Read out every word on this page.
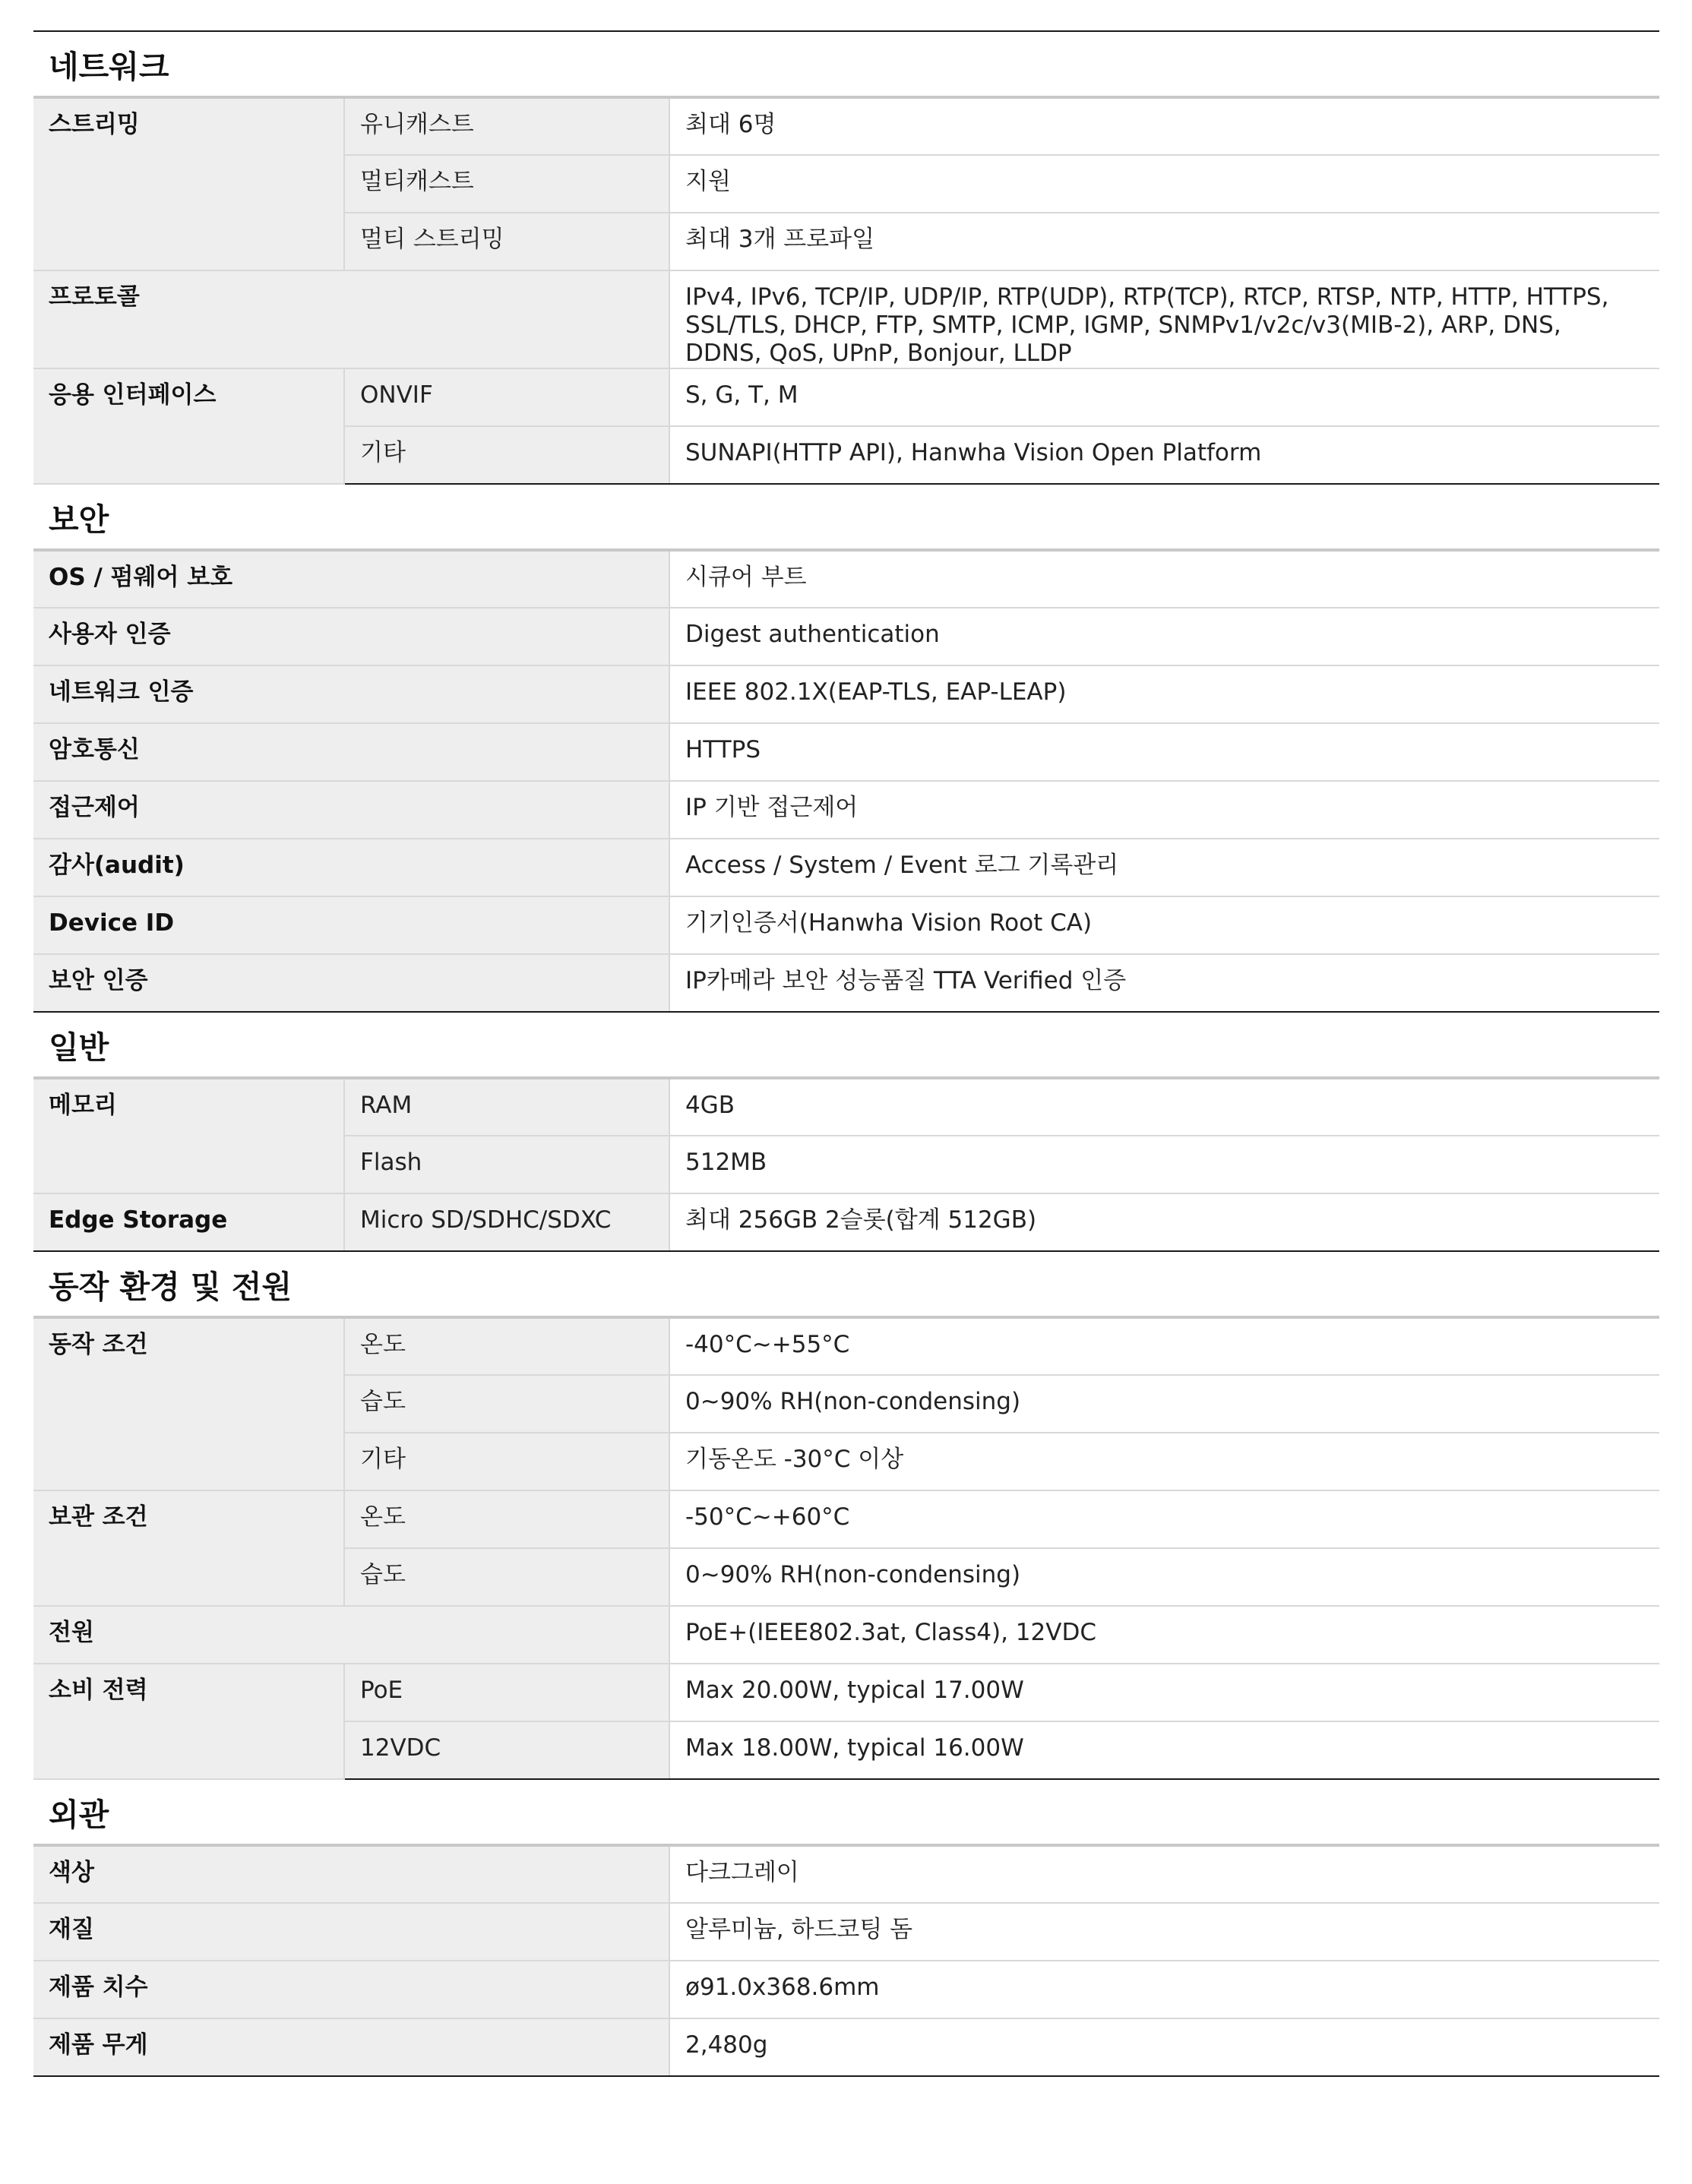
네트워크		
스트리밍	유니캐스트	최대 6명
	멀티캐스트	지원
	멀티 스트리밍	최대 3개 프로파일
프로토콜		IPv4, IPv6, TCP/IP, UDP/IP, RTP(UDP), RTP(TCP), RTCP, RTSP, NTP, HTTP, HTTPS, SSL/TLS, DHCP, FTP, SMTP, ICMP, IGMP, SNMPv1/v2c/v3(MIB-2), ARP, DNS, DDNS, QoS, UPnP, Bonjour, LLDP
응용 인터페이스	ONVIF	S, G, T, M
	기타	SUNAPI(HTTP API), Hanwha Vision Open Platform
보안		
OS / 펌웨어 보호		시큐어 부트
사용자 인증		Digest authentication
네트워크 인증		IEEE 802.1X(EAP-TLS, EAP-LEAP)
암호통신		HTTPS
접근제어		IP 기반 접근제어
감사(audit)		Access / System / Event 로그 기록관리
Device ID		기기인증서(Hanwha Vision Root CA)
보안 인증		IP카메라 보안 성능품질 TTA Verified 인증
일반		
메모리	RAM	4GB
	Flash	512MB
Edge Storage	Micro SD/SDHC/SDXC	최대 256GB 2슬롯(합계 512GB)
동작 환경 및 전원		
동작 조건	온도	-40°C~+55°C
	습도	0~90% RH(non-condensing)
	기타	기동온도 -30°C 이상
보관 조건	온도	-50°C~+60°C
	습도	0~90% RH(non-condensing)
전원		PoE+(IEEE802.3at, Class4), 12VDC
소비 전력	PoE	Max 20.00W, typical 17.00W
	12VDC	Max 18.00W, typical 16.00W
외관		
색상		다크그레이
재질		알루미늄, 하드코팅 돔
제품 치수		ø91.0x368.6mm
제품 무게		2,480g
